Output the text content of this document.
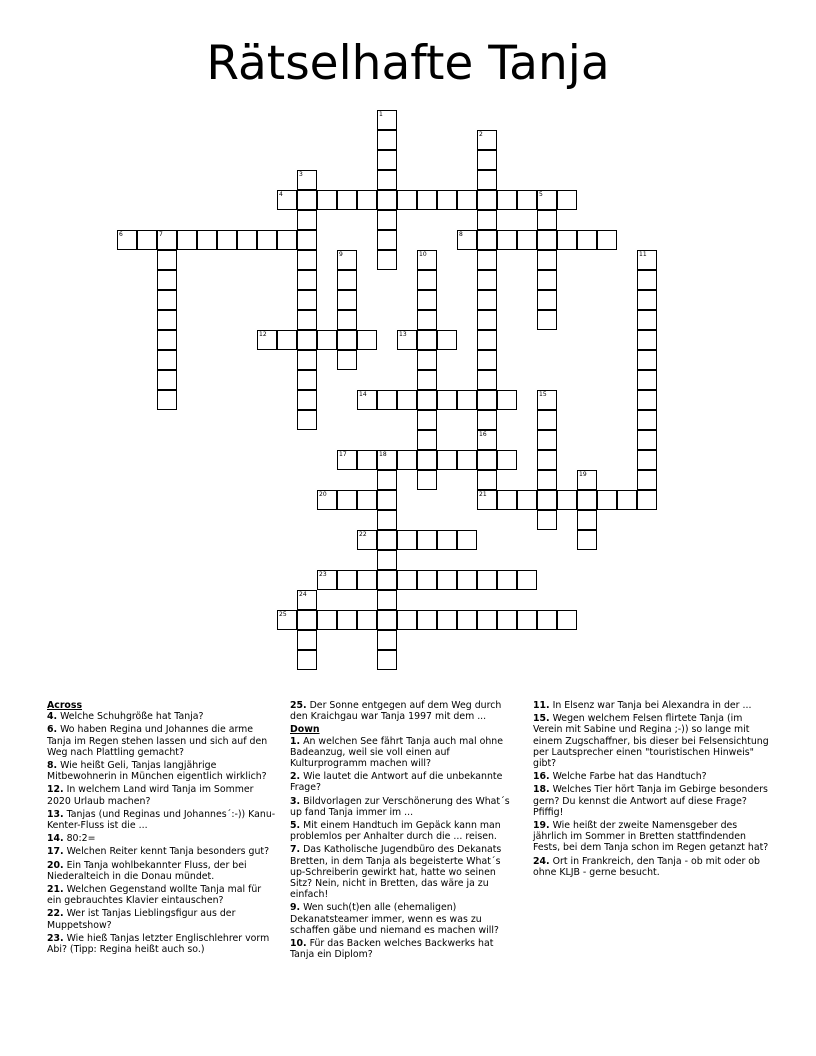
Rätselhafte Tanja
1
2
16
21
3
4	5
6	7	8
9	10	11
12	13
14	15
17	18
19
20
22
23
24
25
Across
4. Welche Schuhgröße hat Tanja?
6. Wo haben Regina und Johannes die arme Tanja im Regen stehen lassen und sich auf den Weg nach Plattling gemacht?
8. Wie heißt Geli, Tanjas langjährige Mitbewohnerin in München eigentlich wirklich?
12. In welchem Land wird Tanja im Sommer 2020 Urlaub machen?
13. Tanjas (und Reginas und Johannes´:-)) Kanu-Kenter-Fluss ist die ...
14. 80:2=
17. Welchen Reiter kennt Tanja besonders gut?
20. Ein Tanja wohlbekannter Fluss, der bei Niederalteich in die Donau mündet.
21. Welchen Gegenstand wollte Tanja mal für ein gebrauchtes Klavier eintauschen?
22. Wer ist Tanjas Lieblingsfigur aus der Muppetshow?
23. Wie hieß Tanjas letzter Englischlehrer vorm Abi? (Tipp: Regina heißt auch so.)
25. Der Sonne entgegen auf dem Weg durch den Kraichgau war Tanja 1997 mit dem ...
Down
1. An welchen See fährt Tanja auch mal ohne Badeanzug, weil sie voll einen auf Kulturprogramm machen will?
2. Wie lautet die Antwort auf die unbekannte Frage?
3. Bildvorlagen zur Verschönerung des What´s up fand Tanja immer im ...
5. Mit einem Handtuch im Gepäck kann man problemlos per Anhalter durch die ... reisen.
7. Das Katholische Jugendbüro des Dekanats Bretten, in dem Tanja als begeisterte What´s up-Schreiberin gewirkt hat, hatte wo seinen Sitz? Nein, nicht in Bretten, das wäre ja zu einfach!
9. Wen such(t)en alle (ehemaligen) Dekanatsteamer immer, wenn es was zu schaffen gäbe und niemand es machen will?
10. Für das Backen welches Backwerks hat Tanja ein Diplom?
11. In Elsenz war Tanja bei Alexandra in der ...
15. Wegen welchem Felsen flirtete Tanja (im Verein mit Sabine und Regina ;-)) so lange mit einem Zugschaffner, bis dieser bei Felsensichtung per Lautsprecher einen "touristischen Hinweis" gibt?
16. Welche Farbe hat das Handtuch?
18. Welches Tier hört Tanja im Gebirge besonders gern? Du kennst die Antwort auf diese Frage? Pfiffig!
19. Wie heißt der zweite Namensgeber des jährlich im Sommer in Bretten stattfindenden Fests, bei dem Tanja schon im Regen getanzt hat?
24. Ort in Frankreich, den Tanja - ob mit oder ob ohne KLJB - gerne besucht.
